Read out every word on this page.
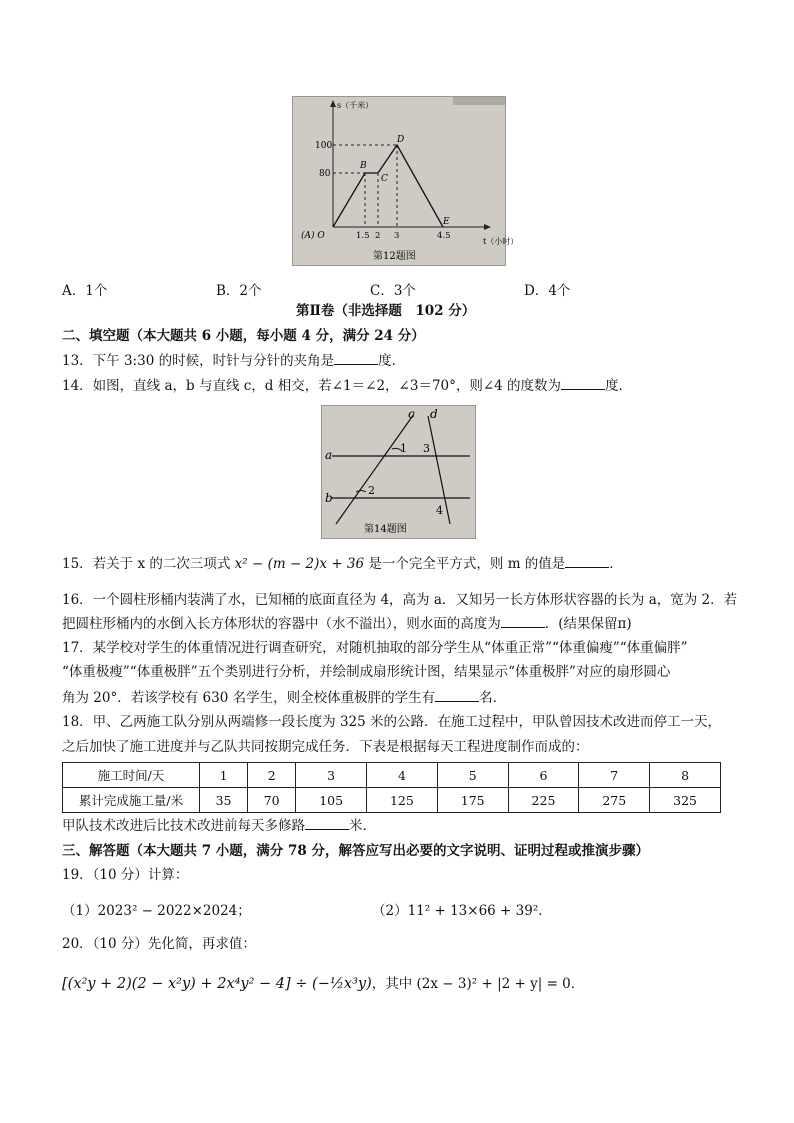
s（千米）
t（小时）
(A) O
100
80
1.5 2 3	4.5
B
C
D
E
第12题图
A．1个	B．2个	C．3个	D．4个
第Ⅱ卷（非选择题　102 分）
二、填空题（本大题共 6 小题，每小题 4 分，满分 24 分）
13．下午 3:30 的时候，时针与分针的夹角是	度．
14．如图，直线 a，b 与直线 c，d 相交，若∠1＝∠2，∠3＝70°，则∠4 的度数为	度．
a
b
c d
1
2
3
4
第14题图
15．若关于 x 的二次三项式 x² − (m − 2)x + 36 是一个完全平方式，则 m 的值是	．
16．一个圆柱形桶内装满了水，已知桶的底面直径为 4，高为 a．又知另一长方体形状容器的长为 a，宽为 2．若
把圆柱形桶内的水倒入长方体形状的容器中（水不溢出），则水面的高度为	．(结果保留π)
17．某学校对学生的体重情况进行调查研究，对随机抽取的部分学生从“体重正常”“体重偏瘦”“体重偏胖”
“体重极瘦”“体重极胖”五个类别进行分析，并绘制成扇形统计图，结果显示“体重极胖”对应的扇形圆心
角为 20°．若该学校有 630 名学生，则全校体重极胖的学生有	名．
18．甲、乙两施工队分别从两端修一段长度为 325 米的公路．在施工过程中，甲队曾因技术改进而停工一天，
之后加快了施工进度并与乙队共同按期完成任务．下表是根据每天工程进度制作而成的：
施工时间/天	1	2	3	4	5	6	7	8
累计完成施工量/米	35	70	105	125	175	225	275	325
甲队技术改进后比技术改进前每天多修路	米．
三、解答题（本大题共 7 小题，满分 78 分，解答应写出必要的文字说明、证明过程或推演步骤）
19．（10 分）计算：
（1）2023² − 2022×2024；	（2）11² + 13×66 + 39²．
20．（10 分）先化简，再求值：
[(x²y + 2)(2 − x²y) + 2x⁴y² − 4] ÷ (−½x³y)，其中 (2x − 3)² + |2 + y| = 0．
